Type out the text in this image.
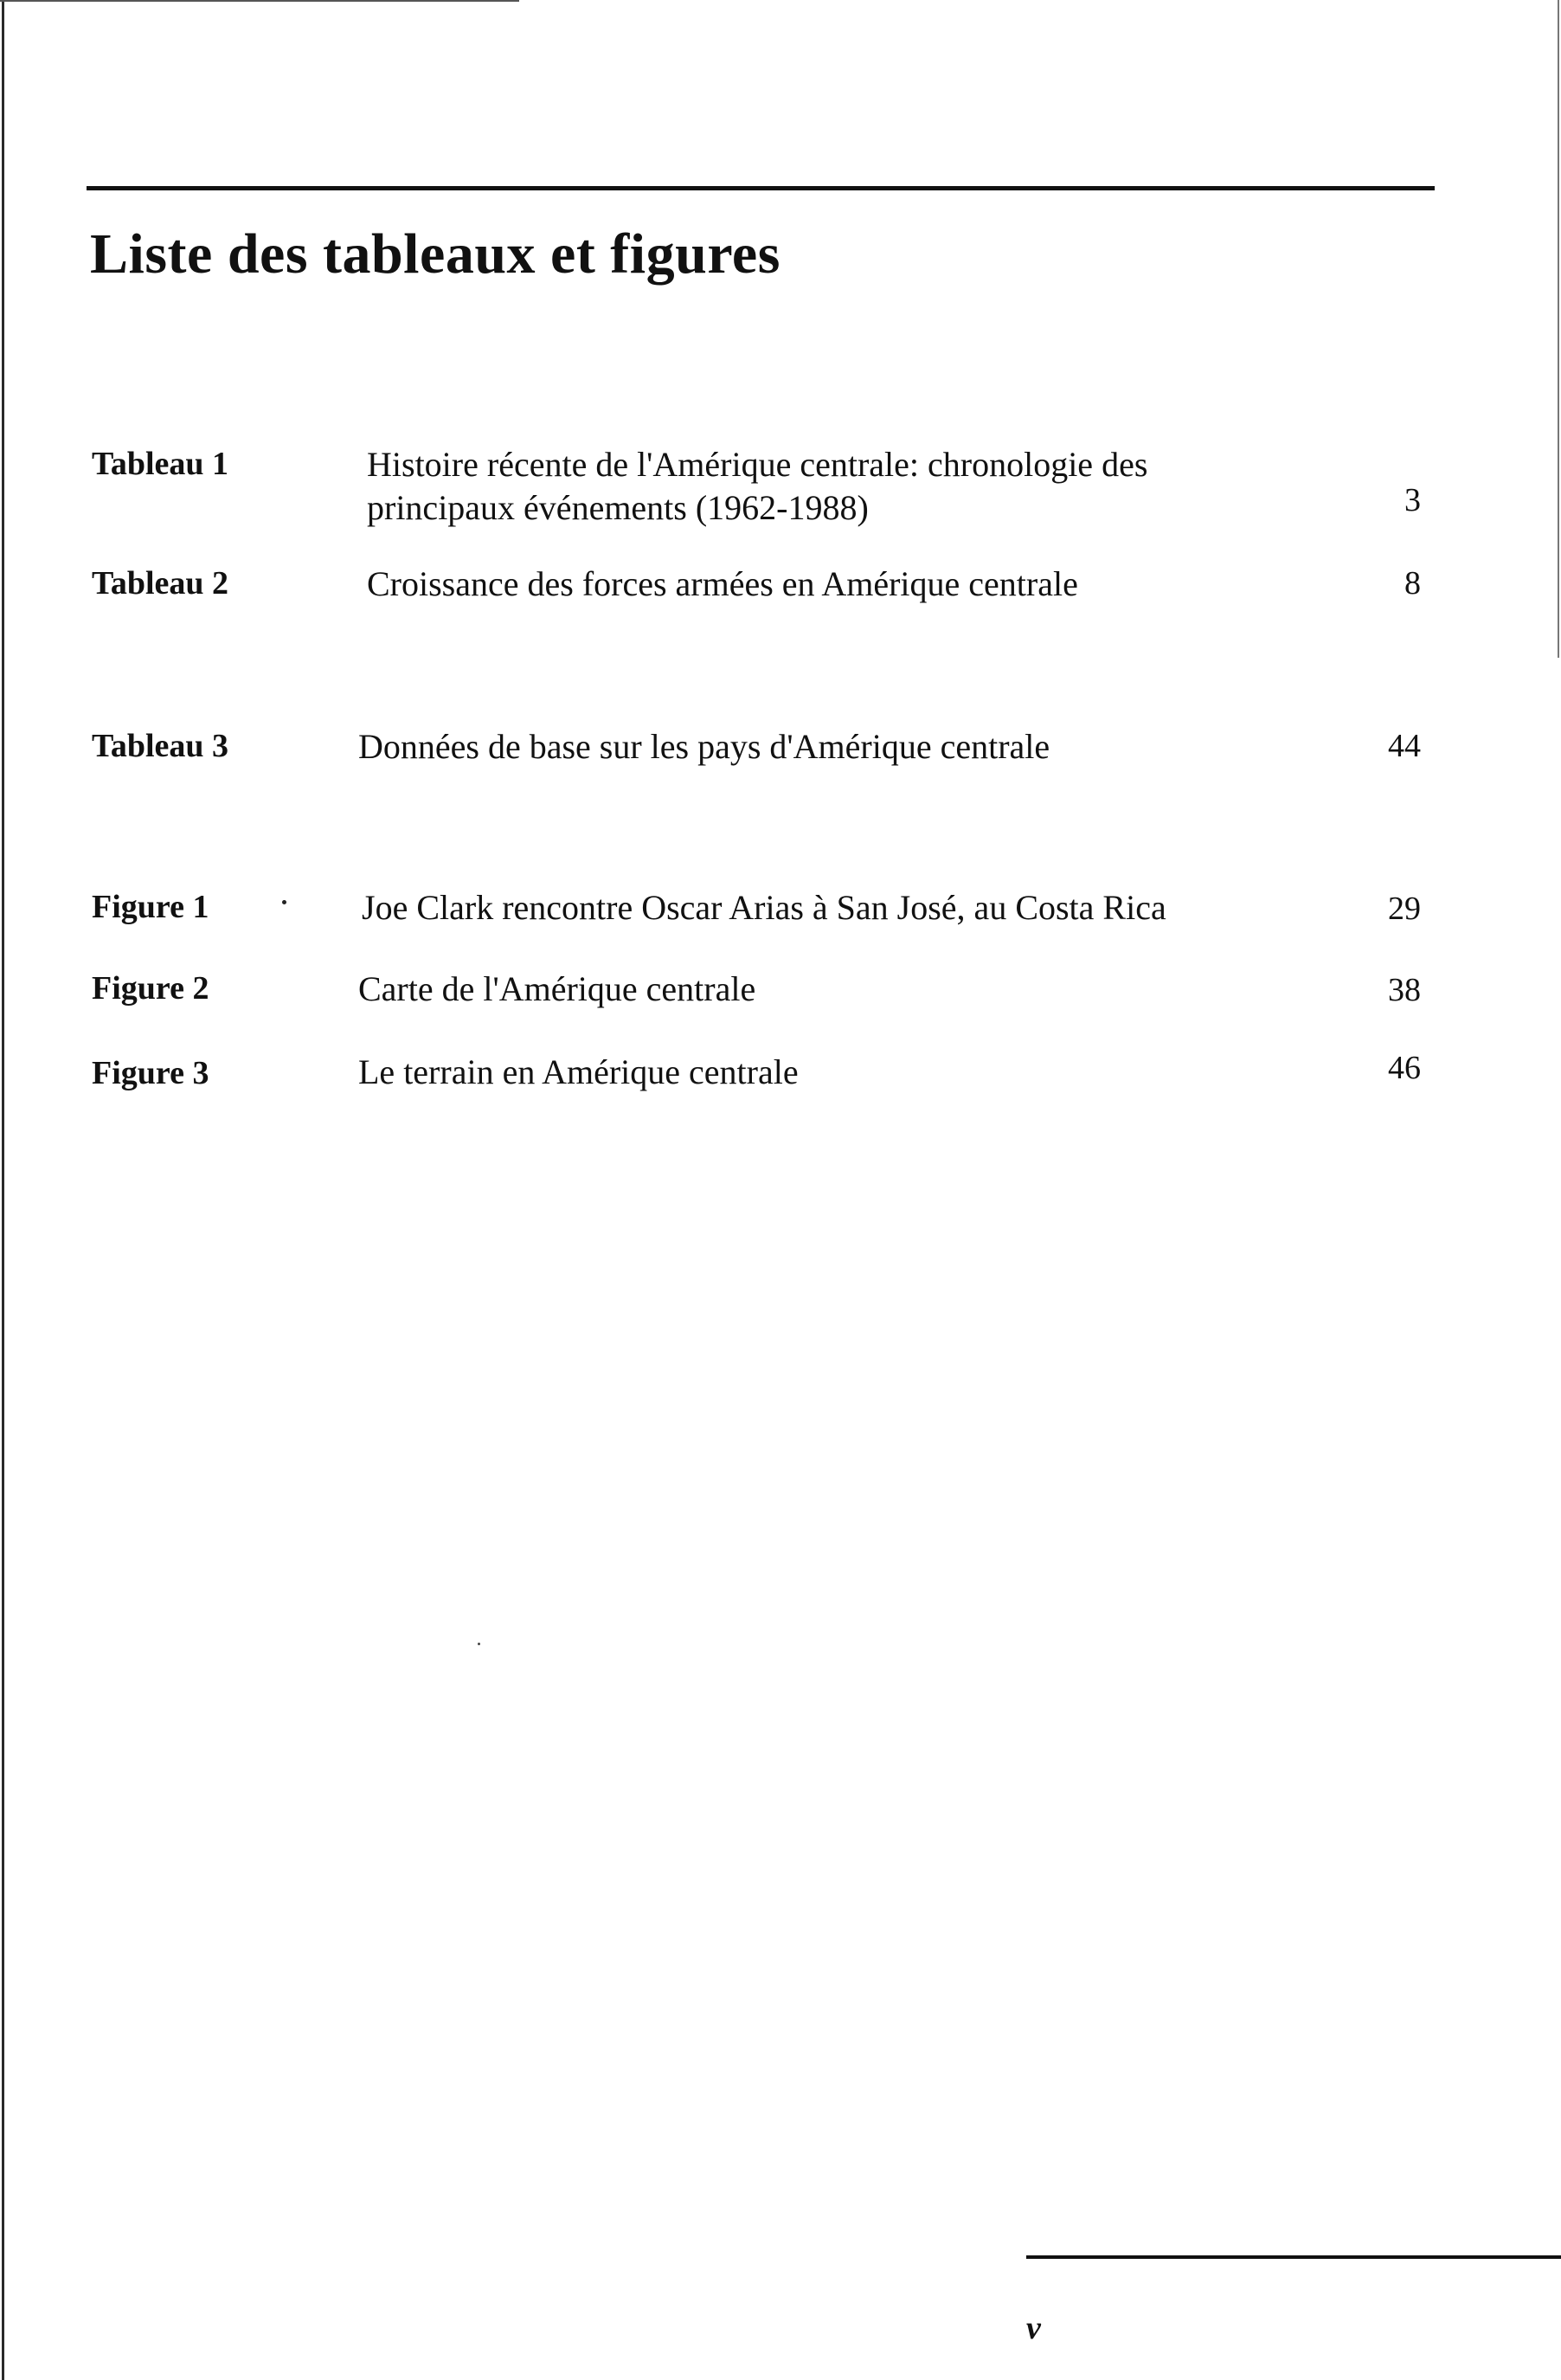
Liste des tableaux et figures
Tableau 1	Histoire récente de l'Amérique centrale: chronologie des
principaux événements (1962-1988)	3
Tableau 2	Croissance des forces armées en Amérique centrale	8
Tableau 3	Données de base sur les pays d'Amérique centrale	44
Figure 1	Joe Clark rencontre Oscar Arias à San José, au Costa Rica	29
Figure 2	Carte de l'Amérique centrale	38
Figure 3	Le terrain en Amérique centrale	46
v
